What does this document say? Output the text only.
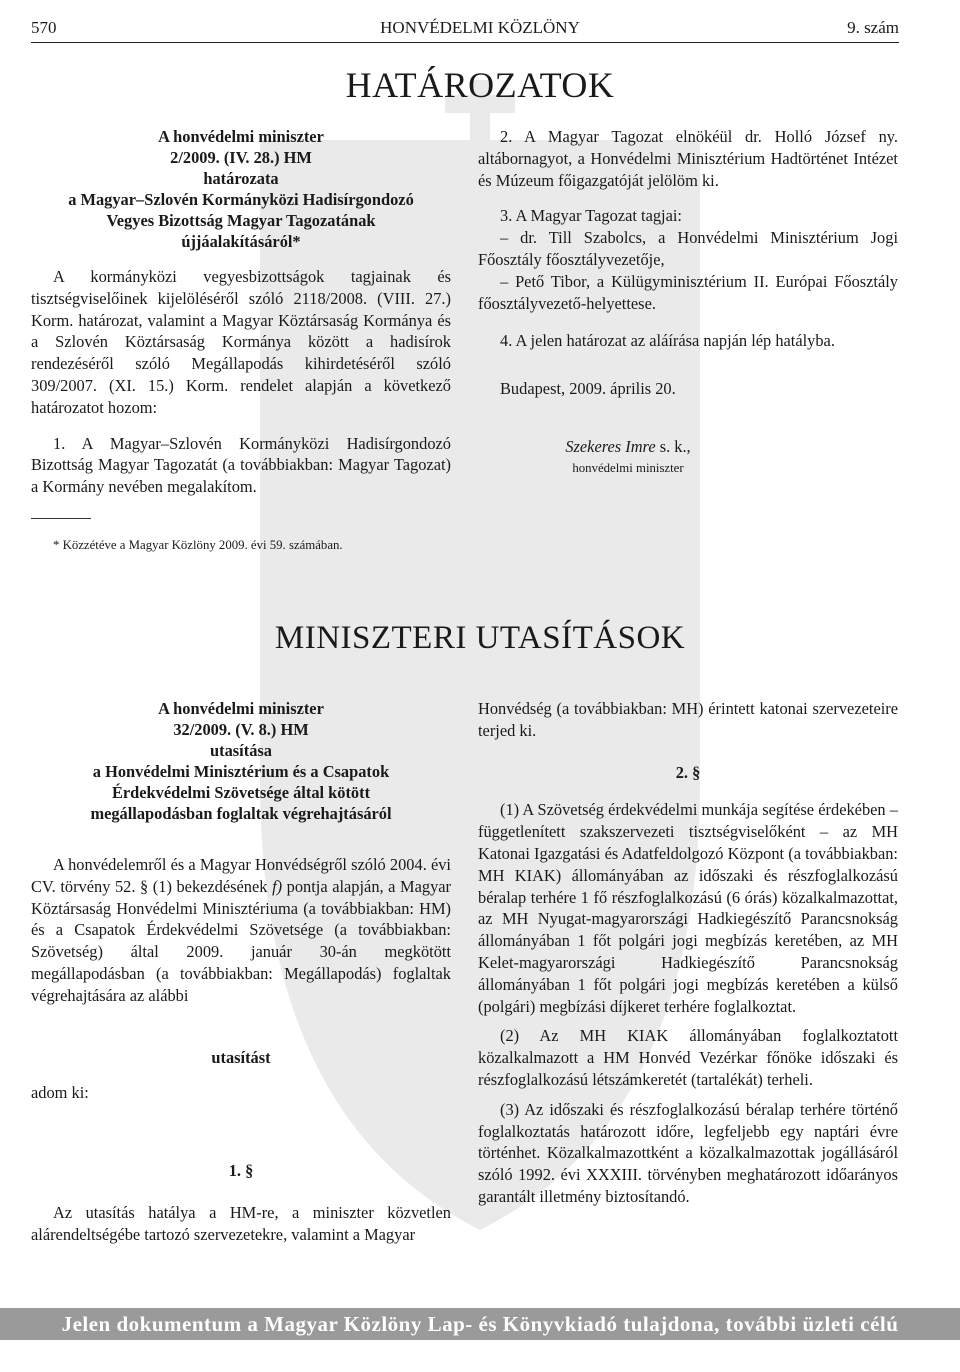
570	HONVÉDELMI KÖZLÖNY	9. szám
HATÁROZATOK
A honvédelmi miniszter
2/2009. (IV. 28.) HM
határozata
a Magyar–Szlovén Kormányközi Hadisírgondozó
Vegyes Bizottság Magyar Tagozatának
újjáalakításáról*

A kormányközi vegyesbizottságok tagjainak és tisztségviselőinek kijelöléséről szóló 2118/2008. (VIII. 27.) Korm. határozat, valamint a Magyar Köztársaság Kormánya és a Szlovén Köztársaság Kormánya között a hadisírok rendezéséről szóló Megállapodás kihirdetéséről szóló 309/2007. (XI. 15.) Korm. rendelet alapján a következő határozatot hozom:

1. A Magyar–Szlovén Kormányközi Hadisírgondozó Bizottság Magyar Tagozatát (a továbbiakban: Magyar Tagozat) a Kormány nevében megalakítom.

* Közzétéve a Magyar Közlöny 2009. évi 59. számában.

2. A Magyar Tagozat elnökéül dr. Holló József ny. altábornagyot, a Honvédelmi Minisztérium Hadtörténet Intézet és Múzeum főigazgatóját jelölöm ki.

3. A Magyar Tagozat tagjai:

– dr. Till Szabolcs, a Honvédelmi Minisztérium Jogi Főosztály főosztályvezetője,

– Pető Tibor, a Külügyminisztérium II. Európai Főosztály főosztályvezető-helyettese.

4. A jelen határozat az aláírása napján lép hatályba.

Budapest, 2009. április 20.

Szekeres Imre s. k.,
honvédelmi miniszter
MINISZTERI UTASÍTÁSOK
A honvédelmi miniszter
32/2009. (V. 8.) HM
utasítása
a Honvédelmi Minisztérium és a Csapatok
Érdekvédelmi Szövetsége által kötött
megállapodásban foglaltak végrehajtásáról

A honvédelemről és a Magyar Honvédségről szóló 2004. évi CV. törvény 52. § (1) bekezdésének f) pontja alapján, a Magyar Köztársaság Honvédelmi Minisztériuma (a továbbiakban: HM) és a Csapatok Érdekvédelmi Szövetsége (a továbbiakban: Szövetség) által 2009. január 30-án megkötött megállapodásban (a továbbiakban: Megállapodás) foglaltak végrehajtására az alábbi

utasítást
adom ki:
1. §

Az utasítás hatálya a HM-re, a miniszter közvetlen alárendeltségébe tartozó szervezetekre, valamint a Magyar

Honvédség (a továbbiakban: MH) érintett katonai szervezeteire terjed ki.

2. §

(1) A Szövetség érdekvédelmi munkája segítése érdekében – függetlenített szakszervezeti tisztségviselőként – az MH Katonai Igazgatási és Adatfeldolgozó Központ (a továbbiakban: MH KIAK) állományában az időszaki és részfoglalkozású béralap terhére 1 fő részfoglalkozású (6 órás) közalkalmazottat, az MH Nyugat-magyarországi Hadkiegészítő Parancsnokság állományában 1 főt polgári jogi megbízás keretében, az MH Kelet-magyarországi Hadkiegészítő Parancsnokság állományában 1 főt polgári jogi megbízás keretében a külső (polgári) megbízási díjkeret terhére foglalkoztat.

(2) Az MH KIAK állományában foglalkoztatott közalkalmazott a HM Honvéd Vezérkar főnöke időszaki és részfoglalkozású létszámkeretét (tartalékát) terheli.

(3) Az időszaki és részfoglalkozású béralap terhére történő foglalkoztatás határozott időre, legfeljebb egy naptári évre történhet. Közalkalmazottként a közalkalmazottak jogállásáról szóló 1992. évi XXXIII. törvényben meghatározott időarányos garantált illetmény biztosítandó.

Jelen dokumentum a Magyar Közlöny Lap- és Könyvkiadó tulajdona, további üzleti célú felhasználása tilos!
